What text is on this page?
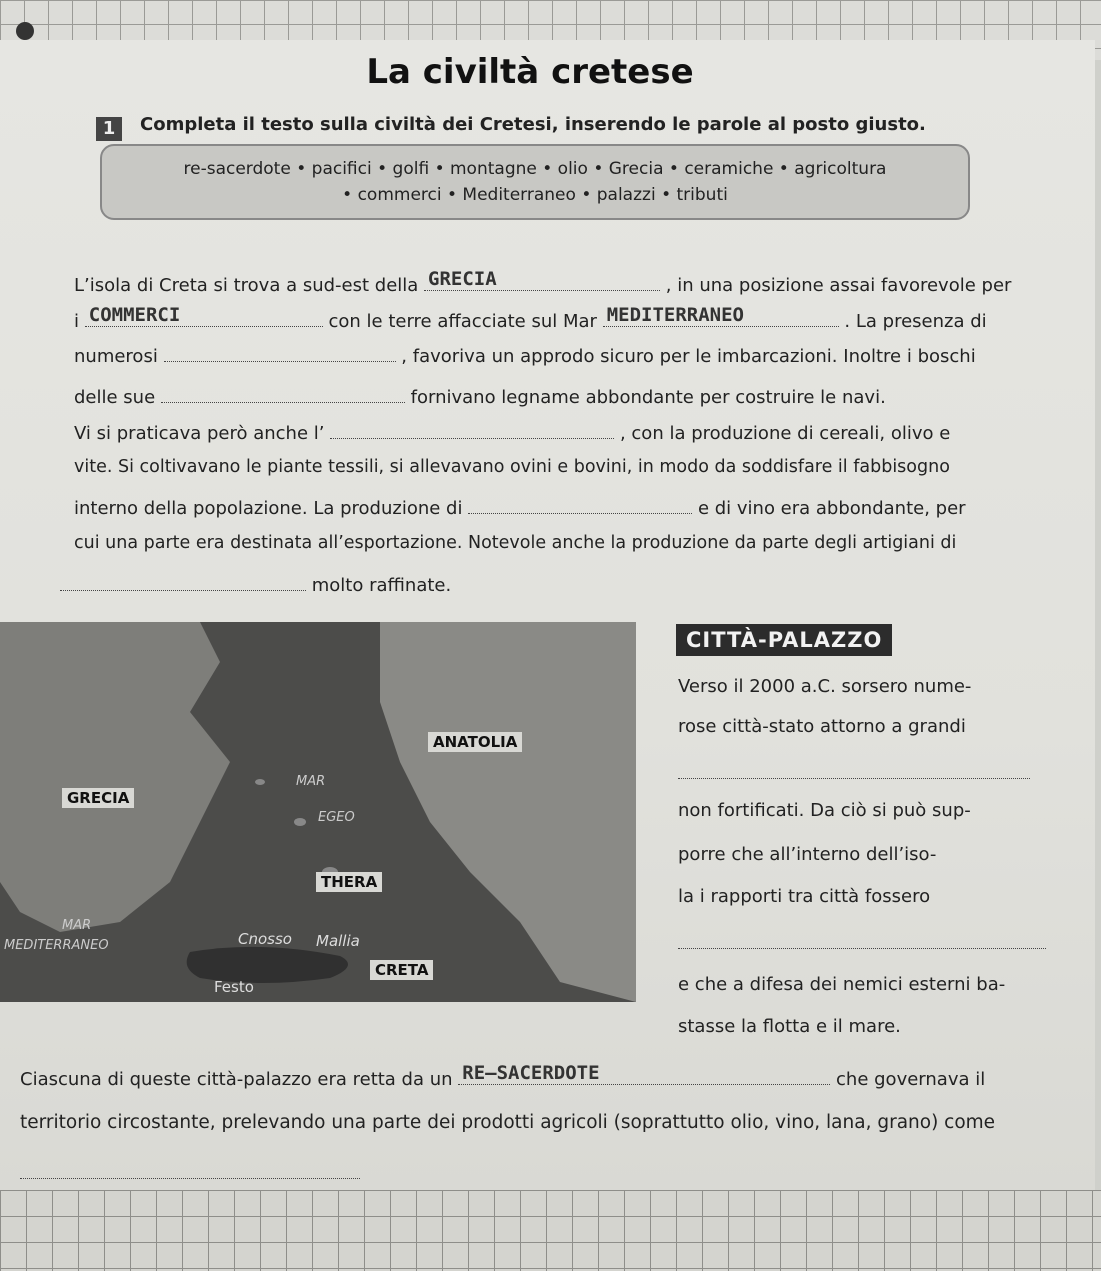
La civiltà cretese
1	Completa il testo sulla civiltà dei Cretesi, inserendo le parole al posto giusto.
re-sacerdote • pacifici • golfi • montagne • olio • Grecia • ceramiche • agricoltura
• commerci • Mediterraneo • palazzi • tributi
L’isola di Creta si trova a sud-est della GRECIA	, in una posizione assai favorevole per
i COMMERCI	con le terre affacciate sul Mar MEDITERRANEO	. La presenza di
numerosi	, favoriva un approdo sicuro per le imbarcazioni. Inoltre i boschi
delle sue	fornivano legname abbondante per costruire le navi.
Vi si praticava però anche l’	, con la produzione di cereali, olivo e
vite. Si coltivavano le piante tessili, si allevavano ovini e bovini, in modo da soddisfare il fabbisogno
interno della popolazione. La produzione di	e di vino era abbondante, per
cui una parte era destinata all’esportazione. Notevole anche la produzione da parte degli artigiani di
molto raffinate.
ANATOLIA
GRECIA
MAR
EGEO
THERA
MAR
MEDITERRANEO	Cnosso Mallia
CRETA
Festo
CITTÀ-PALAZZO
Verso il 2000 a.C. sorsero nume-
rose città-stato attorno a grandi
non fortificati. Da ciò si può sup-
porre che all’interno dell’iso-
la i rapporti tra città fossero
e che a difesa dei nemici esterni ba-
stasse la flotta e il mare.
Ciascuna di queste città-palazzo era retta da un RE—SACERDOTE	che governava il
territorio circostante, prelevando una parte dei prodotti agricoli (soprattutto olio, vino, lana, grano) come
